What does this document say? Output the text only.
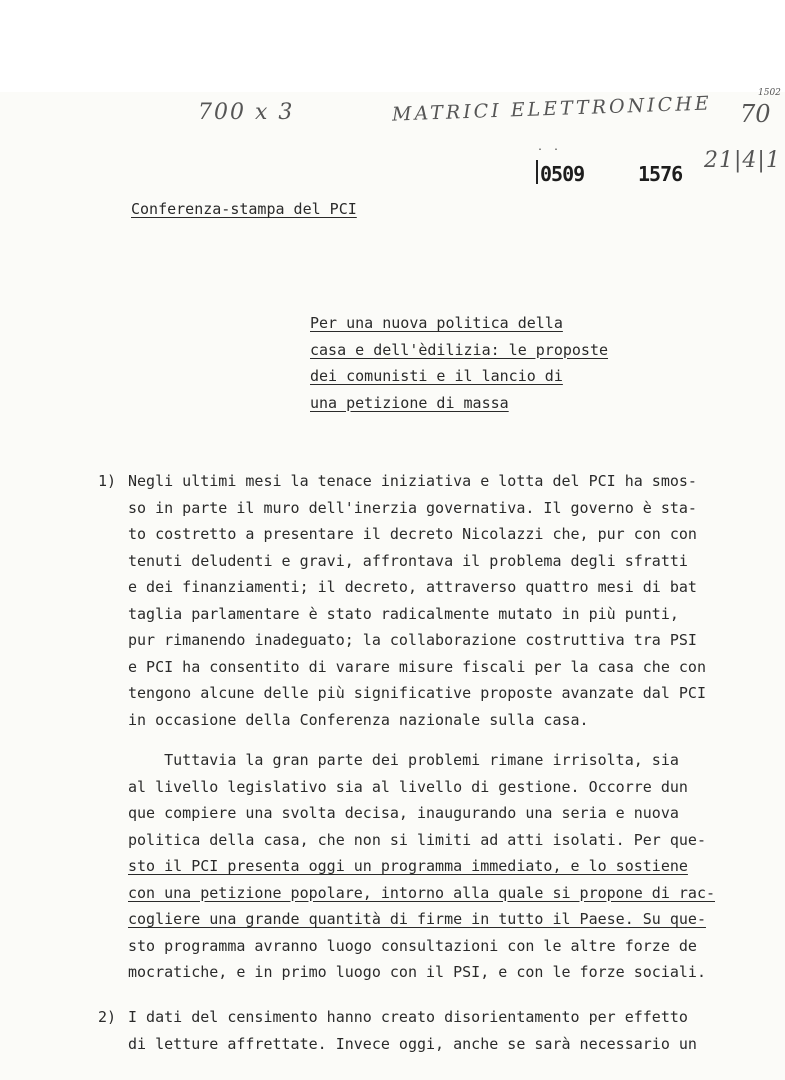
700 x 3	MATRICI ELETTRONICHE	1502
70
. .
0509	1576
21|4|1
Conferenza-stampa del PCI
Per una nuova politica della
casa e dell'èdilizia: le proposte
dei comunisti e il lancio di
una petizione di massa
1) Negli ultimi mesi la tenace iniziativa e lotta del PCI ha smos-
so in parte il muro dell'inerzia governativa. Il governo è sta-
to costretto a presentare il decreto Nicolazzi che, pur con con
tenuti deludenti e gravi, affrontava il problema degli sfratti
e dei finanziamenti; il decreto, attraverso quattro mesi di bat
taglia parlamentare è stato radicalmente mutato in più punti,
pur rimanendo inadeguato; la collaborazione costruttiva tra PSI
e PCI ha consentito di varare misure fiscali per la casa che con
tengono alcune delle più significative proposte avanzate dal PCI
in occasione della Conferenza nazionale sulla casa.
Tuttavia la gran parte dei problemi rimane irrisolta, sia
al livello legislativo sia al livello di gestione. Occorre dun
que compiere una svolta decisa, inaugurando una seria e nuova
politica della casa, che non si limiti ad atti isolati. Per que-
sto il PCI presenta oggi un programma immediato, e lo sostiene
con una petizione popolare, intorno alla quale si propone di rac-
cogliere una grande quantità di firme in tutto il Paese. Su que-
sto programma avranno luogo consultazioni con le altre forze de
mocratiche, e in primo luogo con il PSI, e con le forze sociali.
2) I dati del censimento hanno creato disorientamento per effetto
di letture affrettate. Invece oggi, anche se sarà necessario un
